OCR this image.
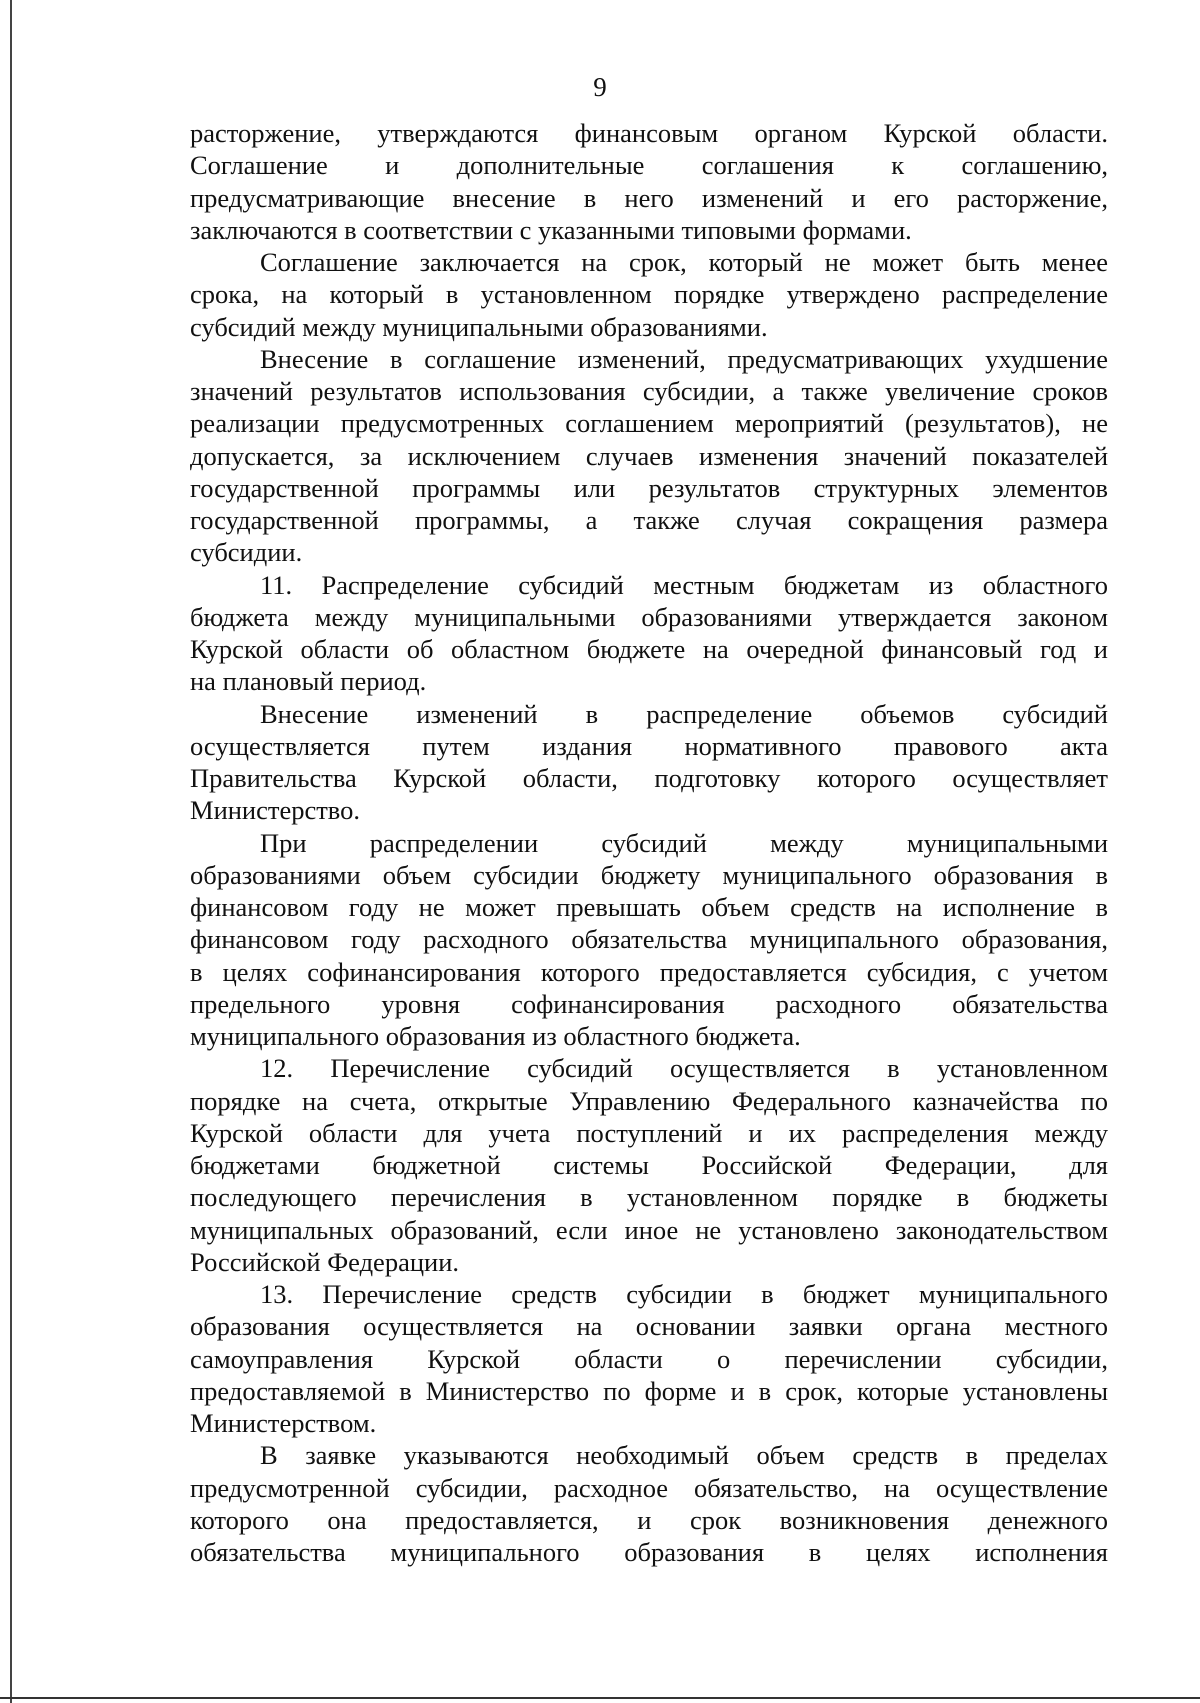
9
расторжение, утверждаются финансовым органом Курской области.
Соглашение и дополнительные соглашения к соглашению,
предусматривающие внесение в него изменений и его расторжение,
заключаются в соответствии с указанными типовыми формами.
Соглашение заключается на срок, который не может быть менее
срока, на который в установленном порядке утверждено распределение
субсидий между муниципальными образованиями.
Внесение в соглашение изменений, предусматривающих ухудшение
значений результатов использования субсидии, а также увеличение сроков
реализации предусмотренных соглашением мероприятий (результатов), не
допускается, за исключением случаев изменения значений показателей
государственной программы или результатов структурных элементов
государственной программы, а также случая сокращения размера
субсидии.
11. Распределение субсидий местным бюджетам из областного
бюджета между муниципальными образованиями утверждается законом
Курской области об областном бюджете на очередной финансовый год и
на плановый период.
Внесение изменений в распределение объемов субсидий
осуществляется путем издания нормативного правового акта
Правительства Курской области, подготовку которого осуществляет
Министерство.
При распределении субсидий между муниципальными
образованиями объем субсидии бюджету муниципального образования в
финансовом году не может превышать объем средств на исполнение в
финансовом году расходного обязательства муниципального образования,
в целях софинансирования которого предоставляется субсидия, с учетом
предельного уровня софинансирования расходного обязательства
муниципального образования из областного бюджета.
12. Перечисление субсидий осуществляется в установленном
порядке на счета, открытые Управлению Федерального казначейства по
Курской области для учета поступлений и их распределения между
бюджетами бюджетной системы Российской Федерации, для
последующего перечисления в установленном порядке в бюджеты
муниципальных образований, если иное не установлено законодательством
Российской Федерации.
13. Перечисление средств субсидии в бюджет муниципального
образования осуществляется на основании заявки органа местного
самоуправления Курской области о перечислении субсидии,
предоставляемой в Министерство по форме и в срок, которые установлены
Министерством.
В заявке указываются необходимый объем средств в пределах
предусмотренной субсидии, расходное обязательство, на осуществление
которого она предоставляется, и срок возникновения денежного
обязательства муниципального образования в целях исполнения
